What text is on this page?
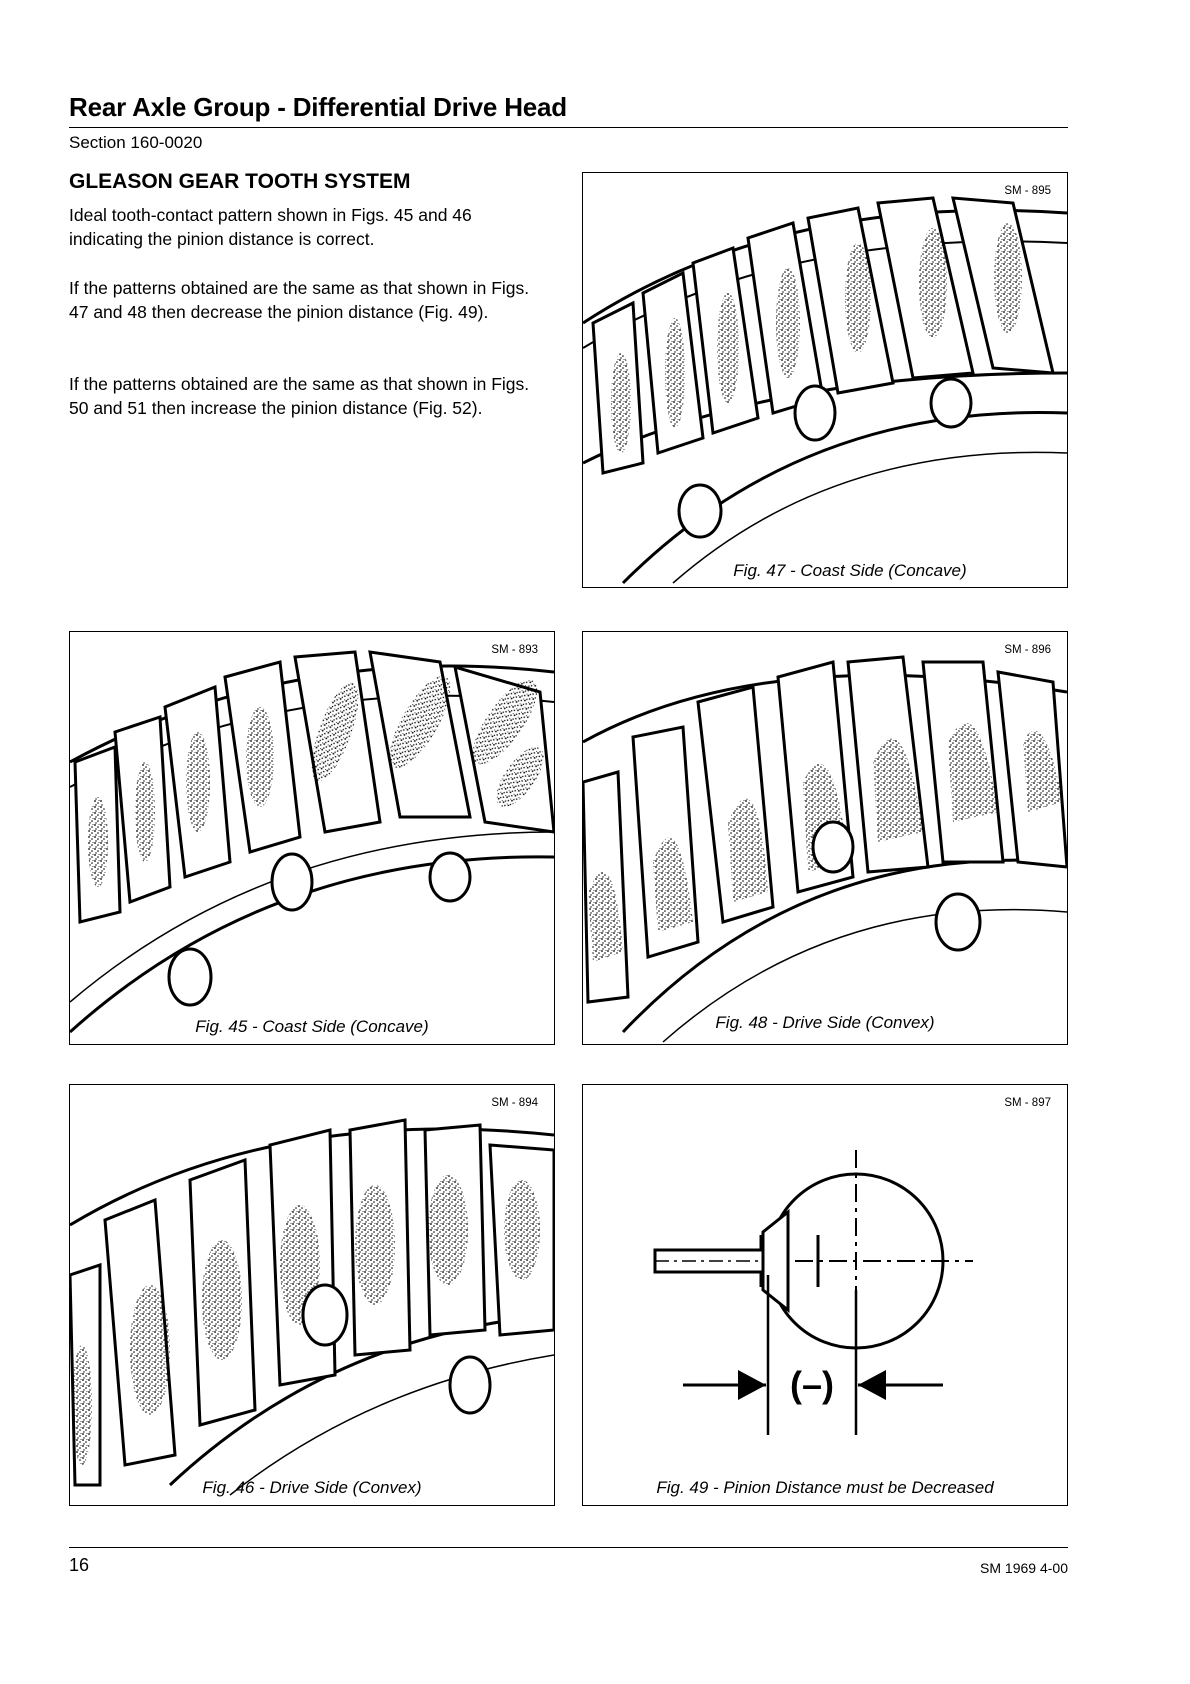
Rear Axle Group - Differential Drive Head
Section 160-0020
GLEASON GEAR TOOTH SYSTEM

Ideal tooth-contact pattern shown in Figs. 45 and 46 indicating the pinion distance is correct.

If the patterns obtained are the same as that shown in Figs. 47 and 48 then decrease the pinion distance (Fig. 49).

If the patterns obtained are the same as that shown in Figs. 50 and 51 then increase the pinion distance (Fig. 52).

SM - 895
Fig. 47 - Coast Side (Concave)
SM - 893
Fig. 45 - Coast Side (Concave)
SM - 896
Fig. 48 - Drive Side (Convex)
SM - 894
Fig. 46 - Drive Side (Convex)
(–)
SM - 897
Fig. 49 - Pinion Distance must be Decreased
16	SM 1969 4-00
